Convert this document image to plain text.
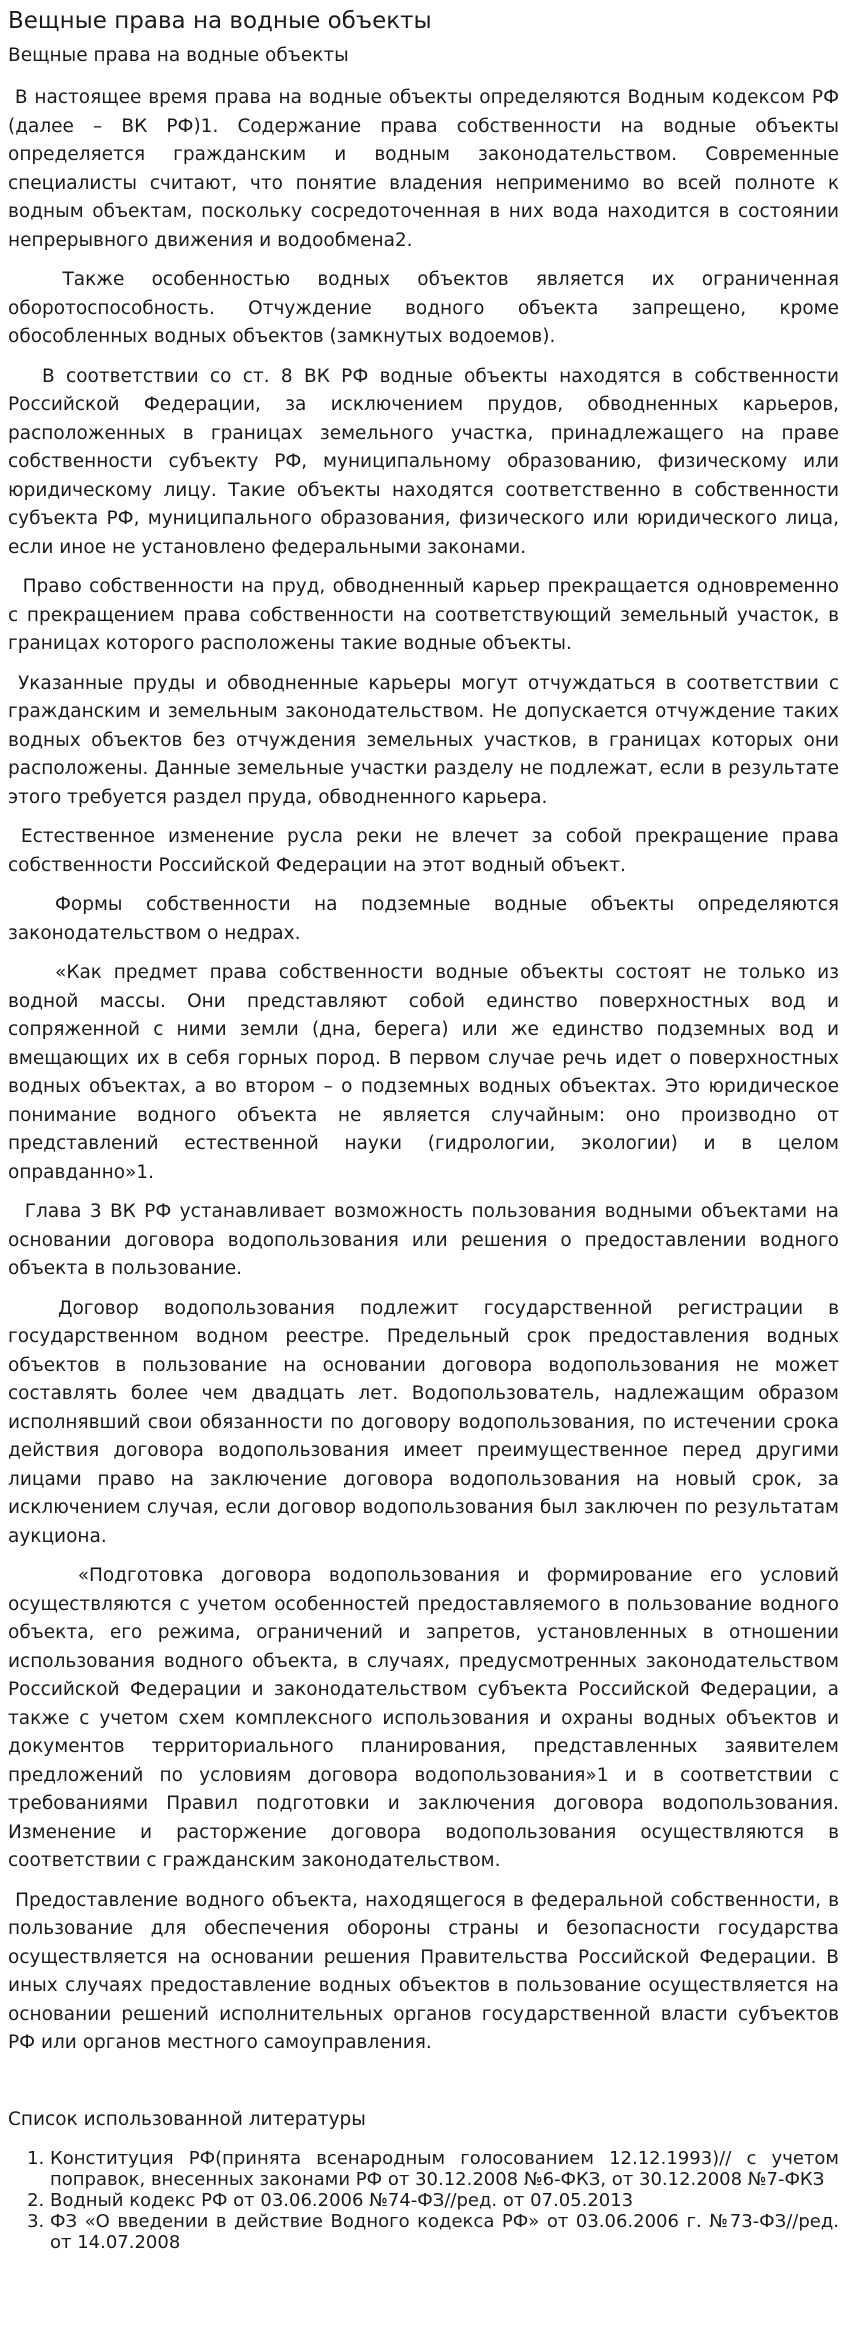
Вещные права на водные объекты
Вещные права на водные объекты

В настоящее время права на водные объекты определяются Водным кодексом РФ (далее – ВК РФ)1. Содержание права собственности на водные объекты определяется гражданским и водным законодательством. Современные специалисты считают, что понятие владения неприменимо во всей полноте к водным объектам, поскольку сосредоточенная в них вода находится в состоянии непрерывного движения и водообмена2.

Также особенностью водных объектов является их ограниченная оборотоспособность. Отчуждение водного объекта запрещено, кроме обособленных водных объектов (замкнутых водоемов).

В соответствии со ст. 8 ВК РФ водные объекты находятся в собственности Российской Федерации, за исключением прудов, обводненных карьеров, расположенных в границах земельного участка, принадлежащего на праве собственности субъекту РФ, муниципальному образованию, физическому или юридическому лицу. Такие объекты находятся соответственно в собственности субъекта РФ, муниципального образования, физического или юридического лица, если иное не установлено федеральными законами.

Право собственности на пруд, обводненный карьер прекращается одновременно с прекращением права собственности на соответствующий земельный участок, в границах которого расположены такие водные объекты.

Указанные пруды и обводненные карьеры могут отчуждаться в соответствии с гражданским и земельным законодательством. Не допускается отчуждение таких водных объектов без отчуждения земельных участков, в границах которых они расположены. Данные земельные участки разделу не подлежат, если в результате этого требуется раздел пруда, обводненного карьера.

Естественное изменение русла реки не влечет за собой прекращение права собственности Российской Федерации на этот водный объект.

Формы собственности на подземные водные объекты определяются законодательством о недрах.

«Как предмет права собственности водные объекты состоят не только из водной массы. Они представляют собой единство поверхностных вод и сопряженной с ними земли (дна, берега) или же единство подземных вод и вмещающих их в себя горных пород. В первом случае речь идет о поверхностных водных объектах, а во втором – о подземных водных объектах. Это юридическое понимание водного объекта не является случайным: оно производно от представлений естественной науки (гидрологии, экологии) и в целом оправданно»1.

Глава 3 ВК РФ устанавливает возможность пользования водными объектами на основании договора водопользования или решения о предоставлении водного объекта в пользование.

Договор водопользования подлежит государственной регистрации в государственном водном реестре. Предельный срок предоставления водных объектов в пользование на основании договора водопользования не может составлять более чем двадцать лет. Водопользователь, надлежащим образом исполнявший свои обязанности по договору водопользования, по истечении срока действия договора водопользования имеет преимущественное перед другими лицами право на заключение договора водопользования на новый срок, за исключением случая, если договор водопользования был заключен по результатам аукциона.

«Подготовка договора водопользования и формирование его условий осуществляются с учетом особенностей предоставляемого в пользование водного объекта, его режима, ограничений и запретов, установленных в отношении использования водного объекта, в случаях, предусмотренных законодательством Российской Федерации и законодательством субъекта Российской Федерации, а также с учетом схем комплексного использования и охраны водных объектов и документов территориального планирования, представленных заявителем предложений по условиям договора водопользования»1 и в соответствии с требованиями Правил подготовки и заключения договора водопользования. Изменение и расторжение договора водопользования осуществляются в соответствии с гражданским законодательством.

Предоставление водного объекта, находящегося в федеральной собственности, в пользование для обеспечения обороны страны и безопасности государства осуществляется на основании решения Правительства Российской Федерации. В иных случаях предоставление водных объектов в пользование осуществляется на основании решений исполнительных органов государственной власти субъектов РФ или органов местного самоуправления.

Список использованной литературы
1. Конституция РФ(принята всенародным голосованием 12.12.1993)// с учетом поправок, внесенных законами РФ от 30.12.2008 №6-ФКЗ, от 30.12.2008 №7-ФКЗ
2. Водный кодекс РФ от 03.06.2006 №74-ФЗ//ред. от 07.05.2013
3. ФЗ «О введении в действие Водного кодекса РФ» от 03.06.2006 г. №73-ФЗ//ред. от 14.07.2008
